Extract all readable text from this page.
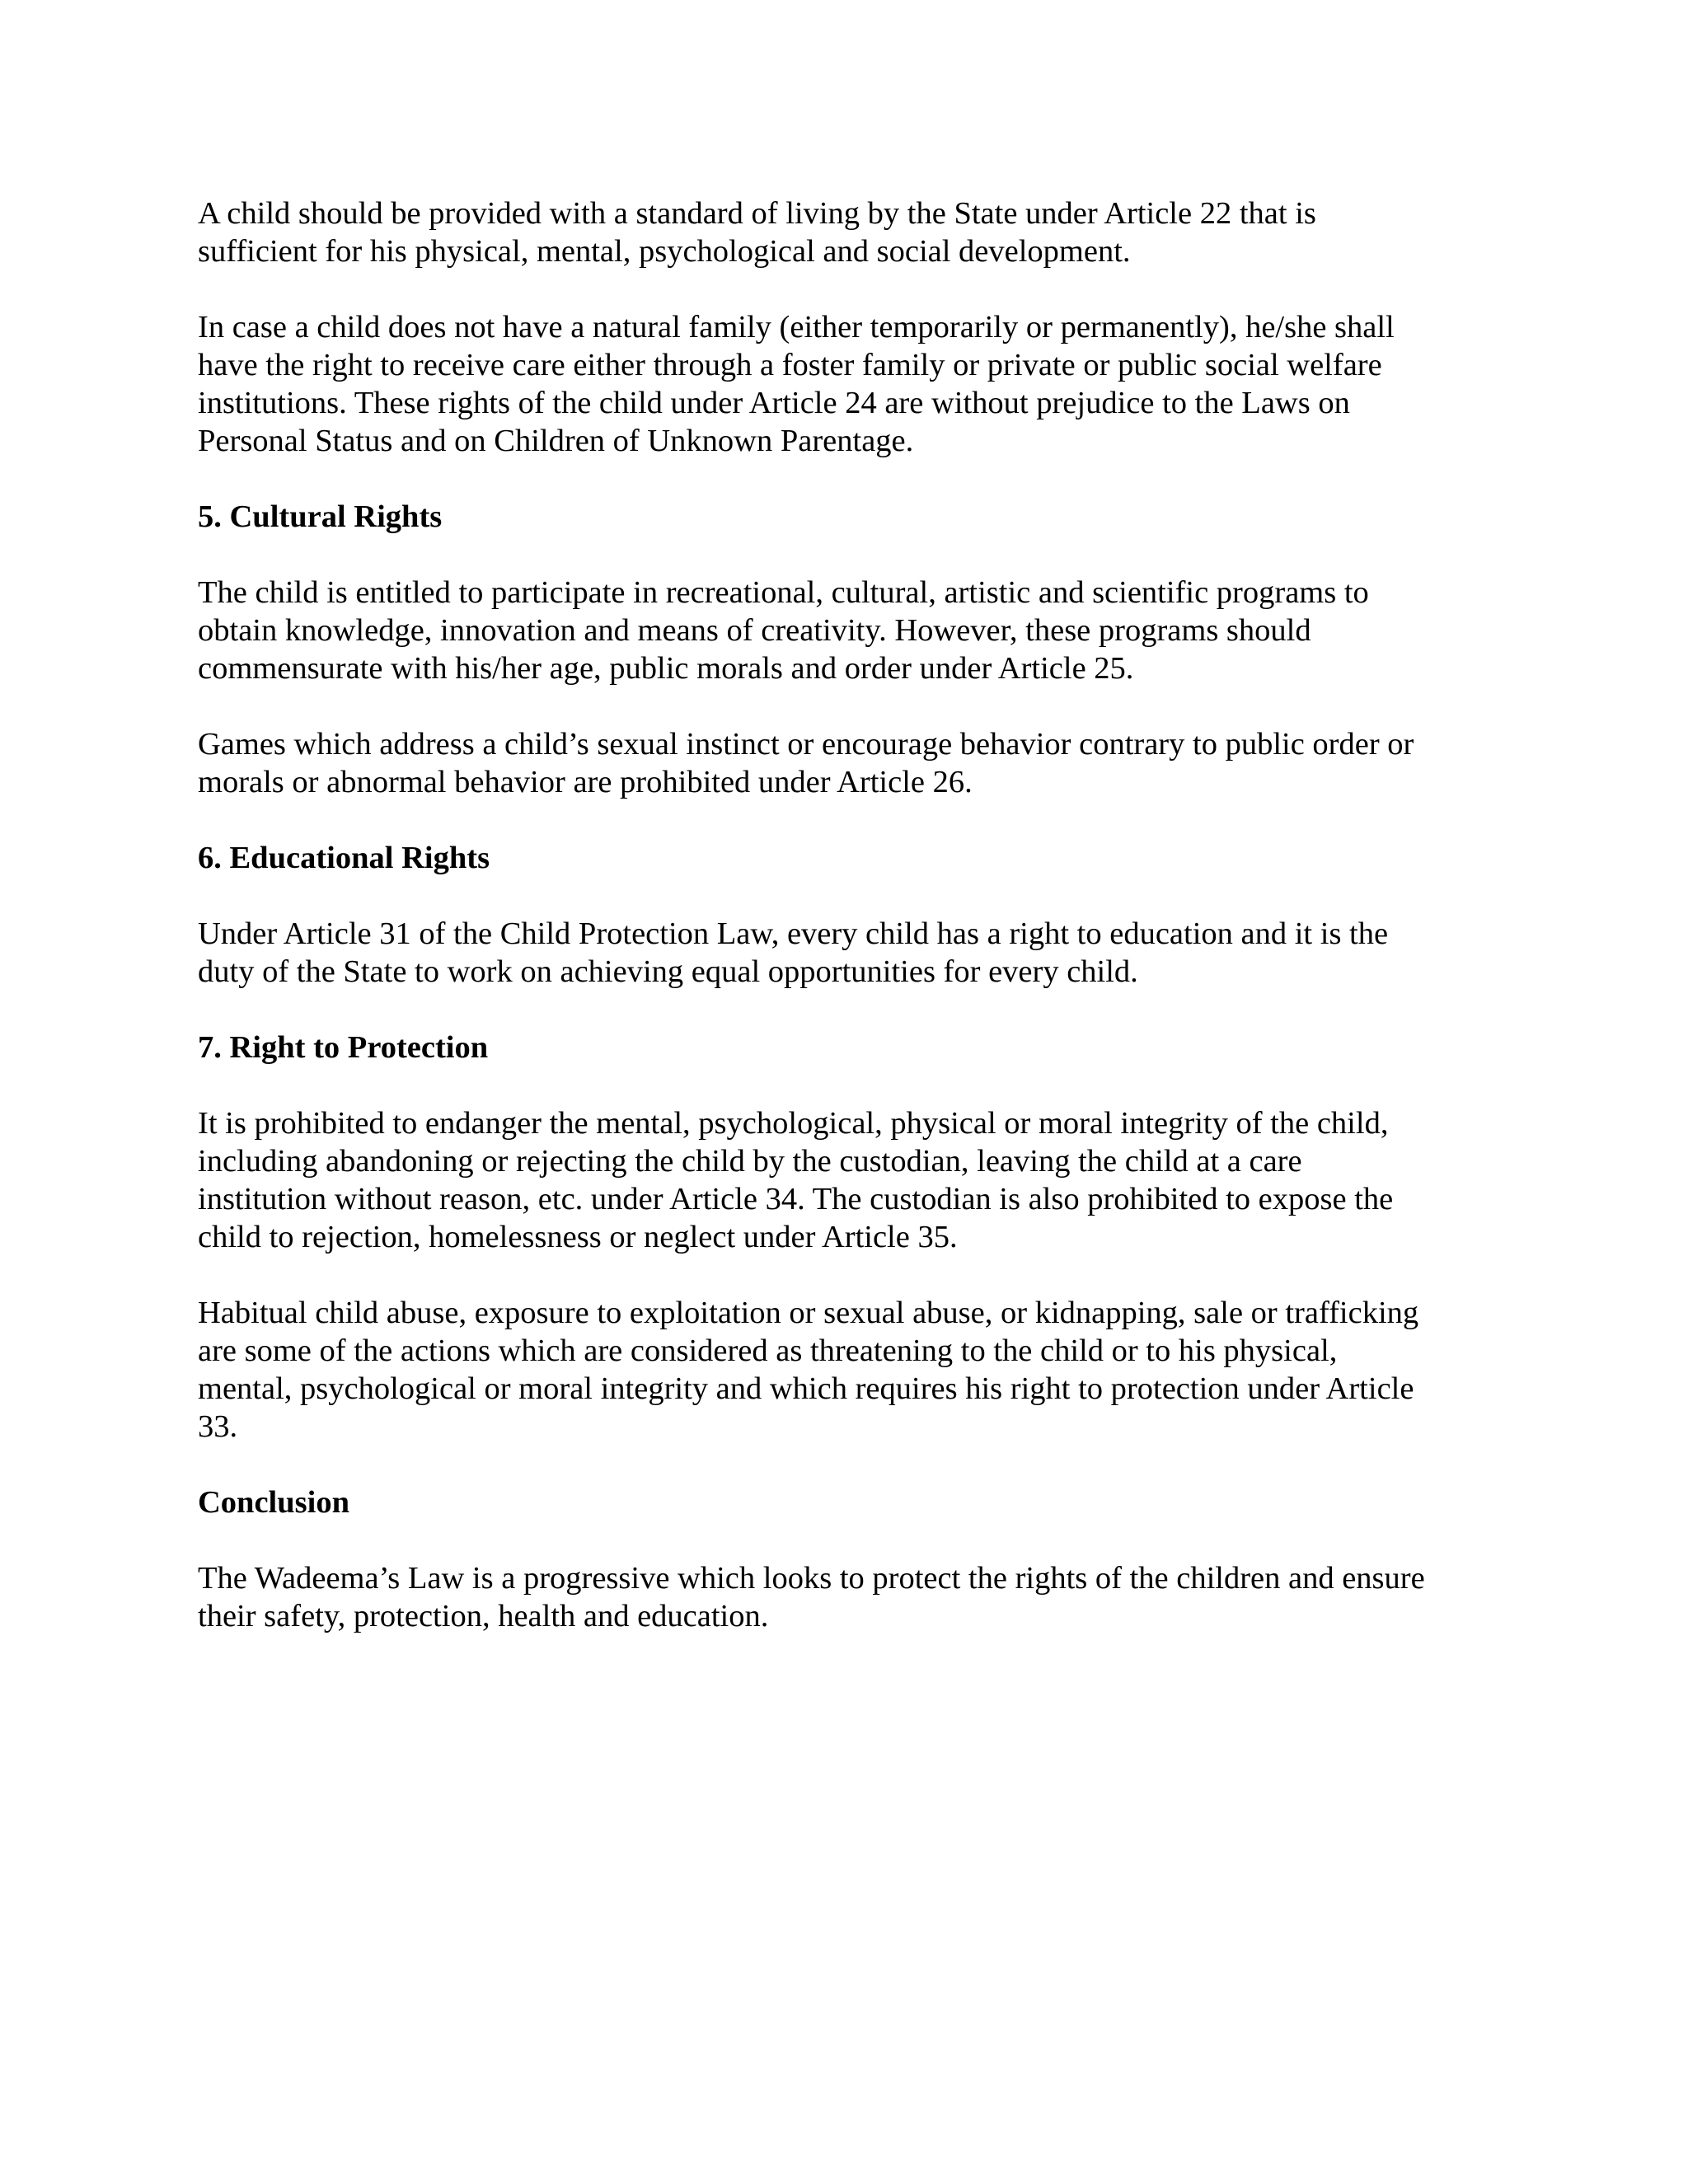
A child should be provided with a standard of living by the State under Article 22 that is
sufficient for his physical, mental, psychological and social development.

In case a child does not have a natural family (either temporarily or permanently), he/she shall
have the right to receive care either through a foster family or private or public social welfare
institutions. These rights of the child under Article 24 are without prejudice to the Laws on
Personal Status and on Children of Unknown Parentage.

5. Cultural Rights

The child is entitled to participate in recreational, cultural, artistic and scientific programs to
obtain knowledge, innovation and means of creativity. However, these programs should
commensurate with his/her age, public morals and order under Article 25.

Games which address a child’s sexual instinct or encourage behavior contrary to public order or
morals or abnormal behavior are prohibited under Article 26.

6. Educational Rights

Under Article 31 of the Child Protection Law, every child has a right to education and it is the
duty of the State to work on achieving equal opportunities for every child.

7. Right to Protection

It is prohibited to endanger the mental, psychological, physical or moral integrity of the child,
including abandoning or rejecting the child by the custodian, leaving the child at a care
institution without reason, etc. under Article 34. The custodian is also prohibited to expose the
child to rejection, homelessness or neglect under Article 35.

Habitual child abuse, exposure to exploitation or sexual abuse, or kidnapping, sale or trafficking
are some of the actions which are considered as threatening to the child or to his physical,
mental, psychological or moral integrity and which requires his right to protection under Article
33.

Conclusion

The Wadeema’s Law is a progressive which looks to protect the rights of the children and ensure
their safety, protection, health and education.
